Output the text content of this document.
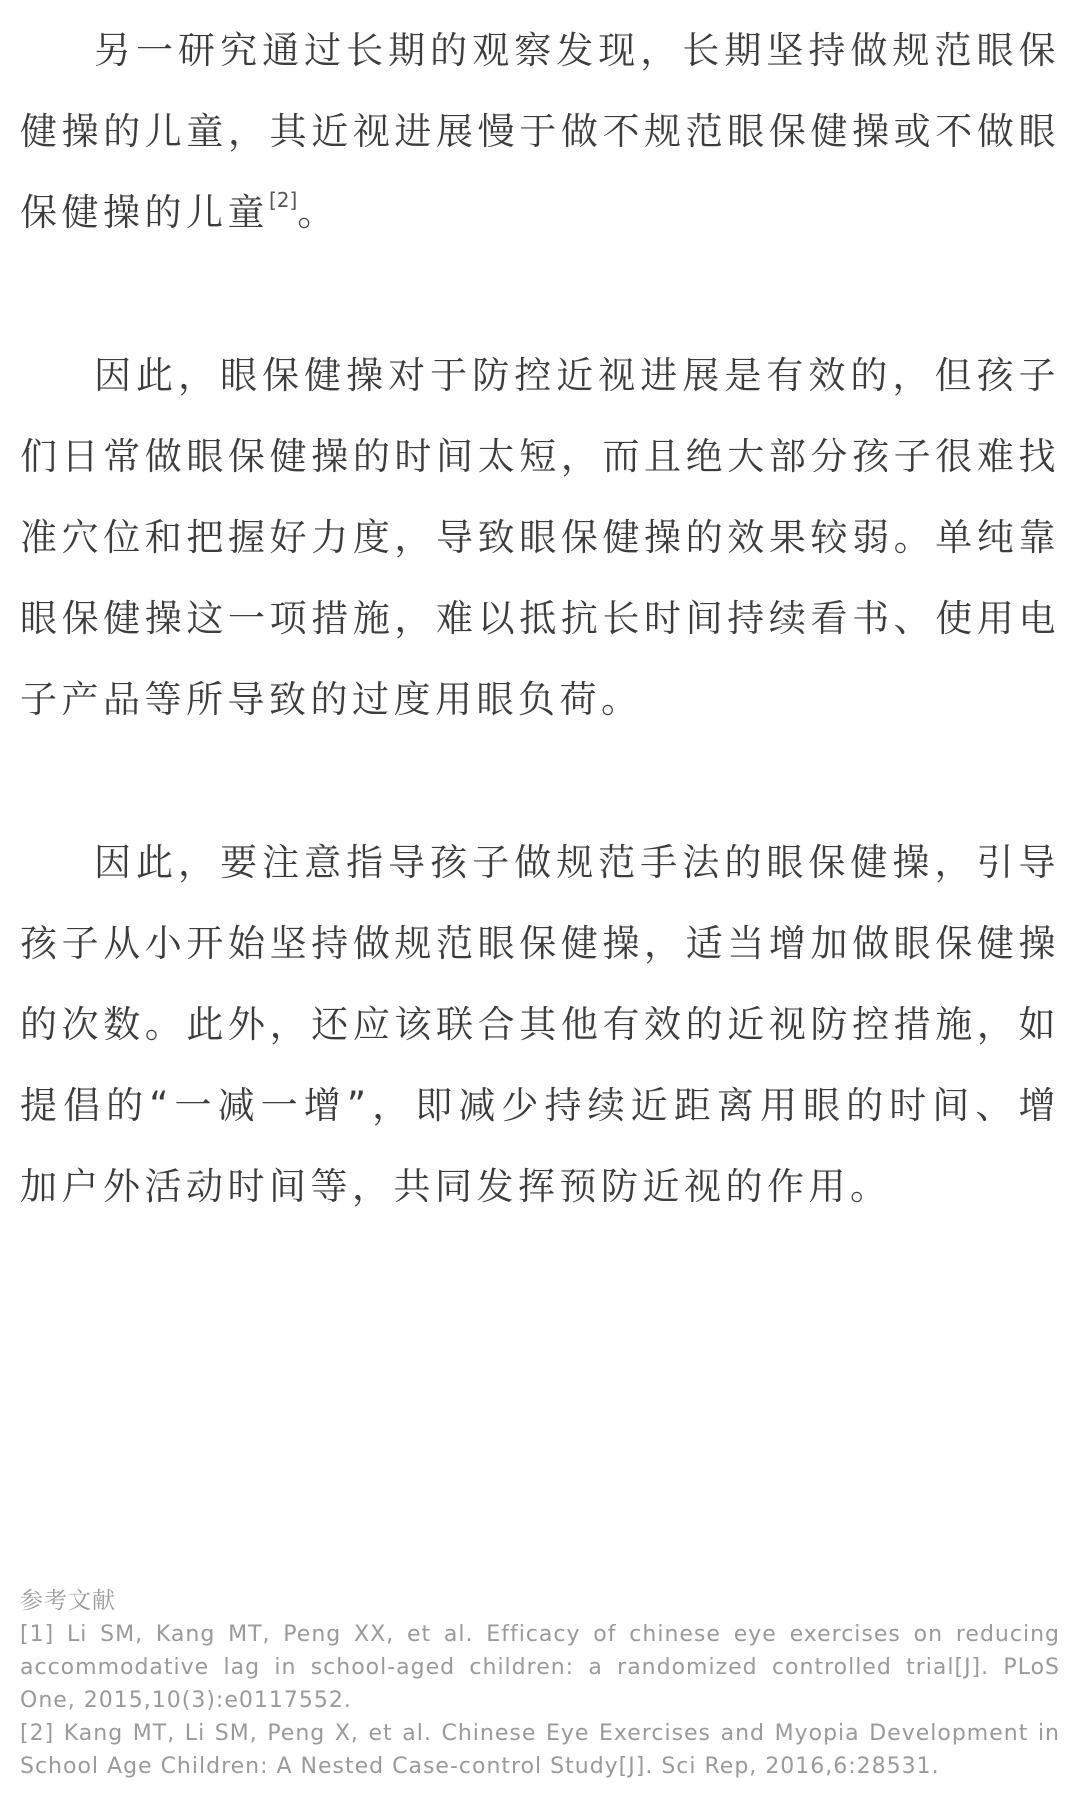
另一研究通过长期的观察发现，长期坚持做规范眼保健操的儿童，其近视进展慢于做不规范眼保健操或不做眼保健操的儿童[2]。

因此，眼保健操对于防控近视进展是有效的，但孩子们日常做眼保健操的时间太短，而且绝大部分孩子很难找准穴位和把握好力度，导致眼保健操的效果较弱。单纯靠眼保健操这一项措施，难以抵抗长时间持续看书、使用电子产品等所导致的过度用眼负荷。

因此，要注意指导孩子做规范手法的眼保健操，引导孩子从小开始坚持做规范眼保健操，适当增加做眼保健操的次数。此外，还应该联合其他有效的近视防控措施，如提倡的“一减一增”，即减少持续近距离用眼的时间、增加户外活动时间等，共同发挥预防近视的作用。

参考文献

[1] Li SM, Kang MT, Peng XX, et al. Efficacy of chinese eye exercises on reducing accommodative lag in school-aged children: a randomized controlled trial[J]. PLoS One, 2015,10(3):e0117552.

[2] Kang MT, Li SM, Peng X, et al. Chinese Eye Exercises and Myopia Development in School Age Children: A Nested Case-control Study[J]. Sci Rep, 2016,6:28531.
